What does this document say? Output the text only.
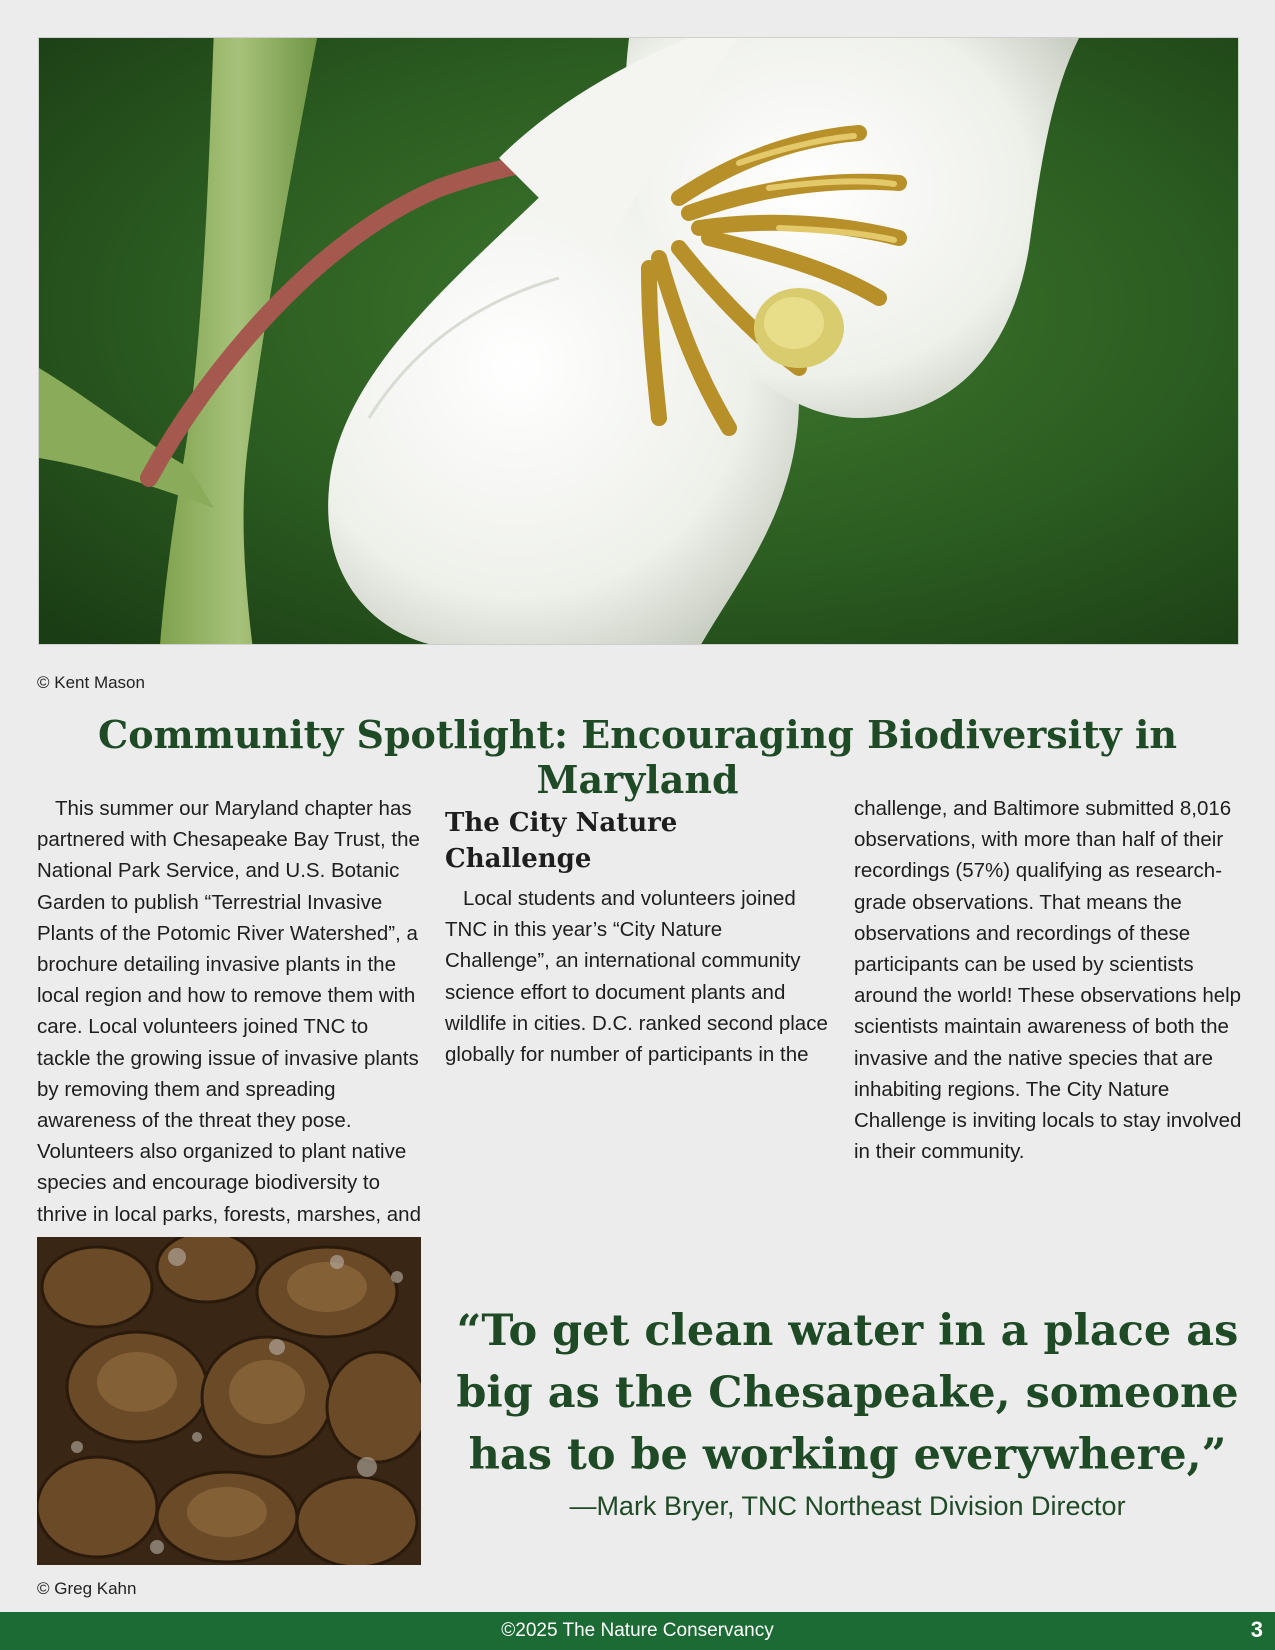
© Kent Mason
Community Spotlight: Encouraging Biodiversity in Maryland

This summer our Maryland chapter has partnered with Chesapeake Bay Trust, the National Park Service, and U.S. Botanic Garden to publish “Terrestrial Invasive Plants of the Potomic River Watershed”, a brochure detailing invasive plants in the local region and how to remove them with care. Local volunteers joined TNC to tackle the growing issue of invasive plants by removing them and spreading awareness of the threat they pose. Volunteers also organized to plant native species and encourage biodiversity to thrive in local parks, forests, marshes, and

The City Nature Challenge

Local students and volunteers joined TNC in this year’s “City Nature Challenge”, an international community science effort to document plants and wildlife in cities. D.C. ranked second place globally for number of participants in the

challenge, and Baltimore submitted 8,016 observations, with more than half of their recordings (57%) qualifying as research-grade observations. That means the observations and recordings of these participants can be used by scientists around the world! These observations help scientists maintain awareness of both the invasive and the native species that are inhabiting regions. The City Nature Challenge is inviting locals to stay involved in their community.

© Greg Kahn

“To get clean water in a place as big as the Chesapeake, someone has to be working everywhere,”

—Mark Bryer, TNC Northeast Division Director
©2025 The Nature Conservancy	3
